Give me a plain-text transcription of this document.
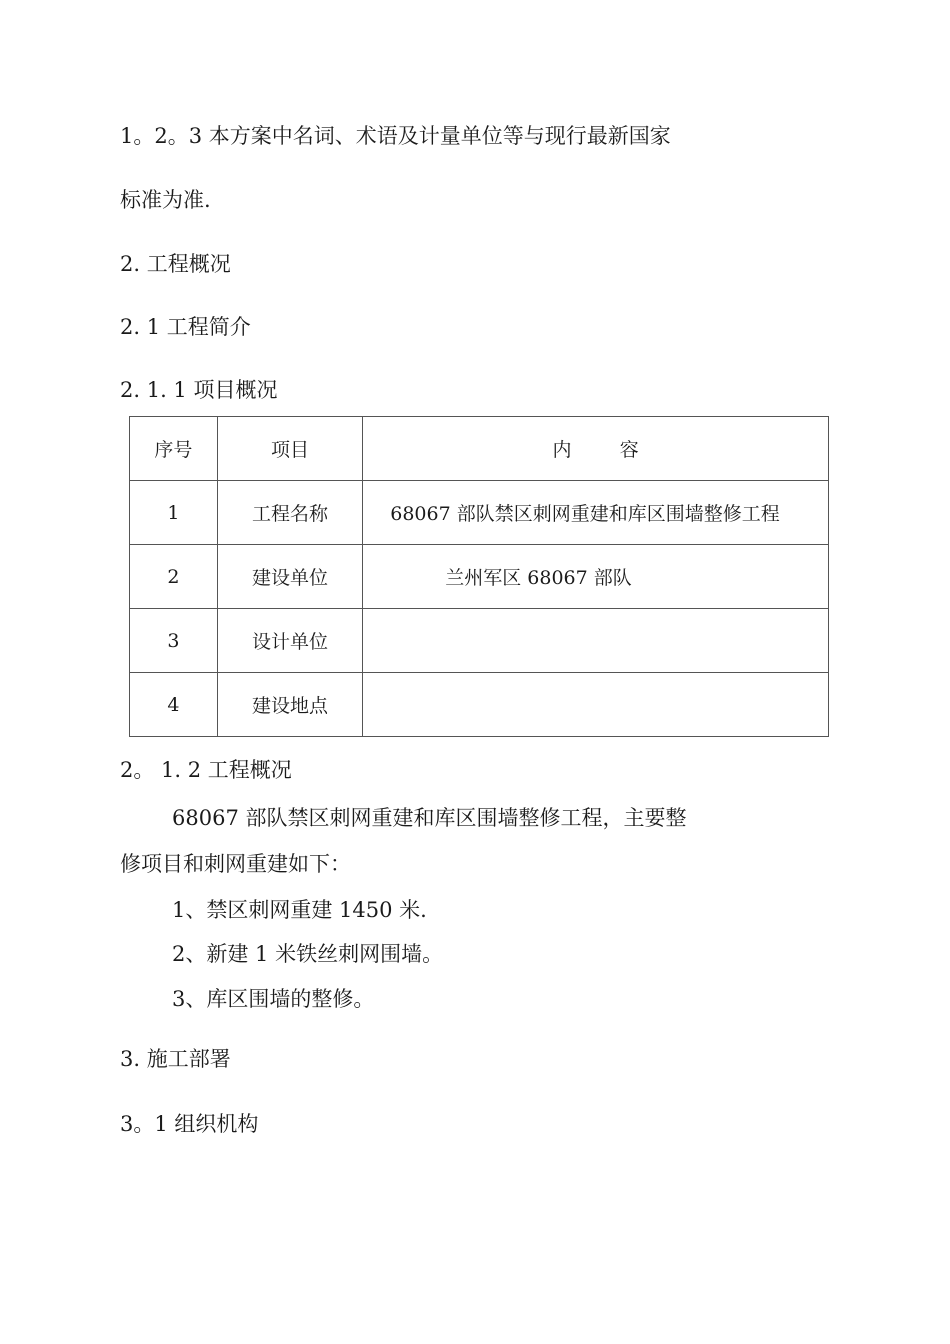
1。2。3 本方案中名词、术语及计量单位等与现行最新国家
标准为准.
2. 工程概况
2. 1 工程简介
2. 1. 1 项目概况
序号	项目	内        容
1	工程名称	68067 部队禁区刺网重建和库区围墙整修工程
2	建设单位	兰州军区 68067 部队
3	设计单位	
4	建设地点	
2。 1. 2 工程概况
68067 部队禁区刺网重建和库区围墙整修工程，主要整
修项目和刺网重建如下：
1、禁区刺网重建 1450 米.
2、新建 1 米铁丝刺网围墙。
3、库区围墙的整修。
3. 施工部署
3。1 组织机构
